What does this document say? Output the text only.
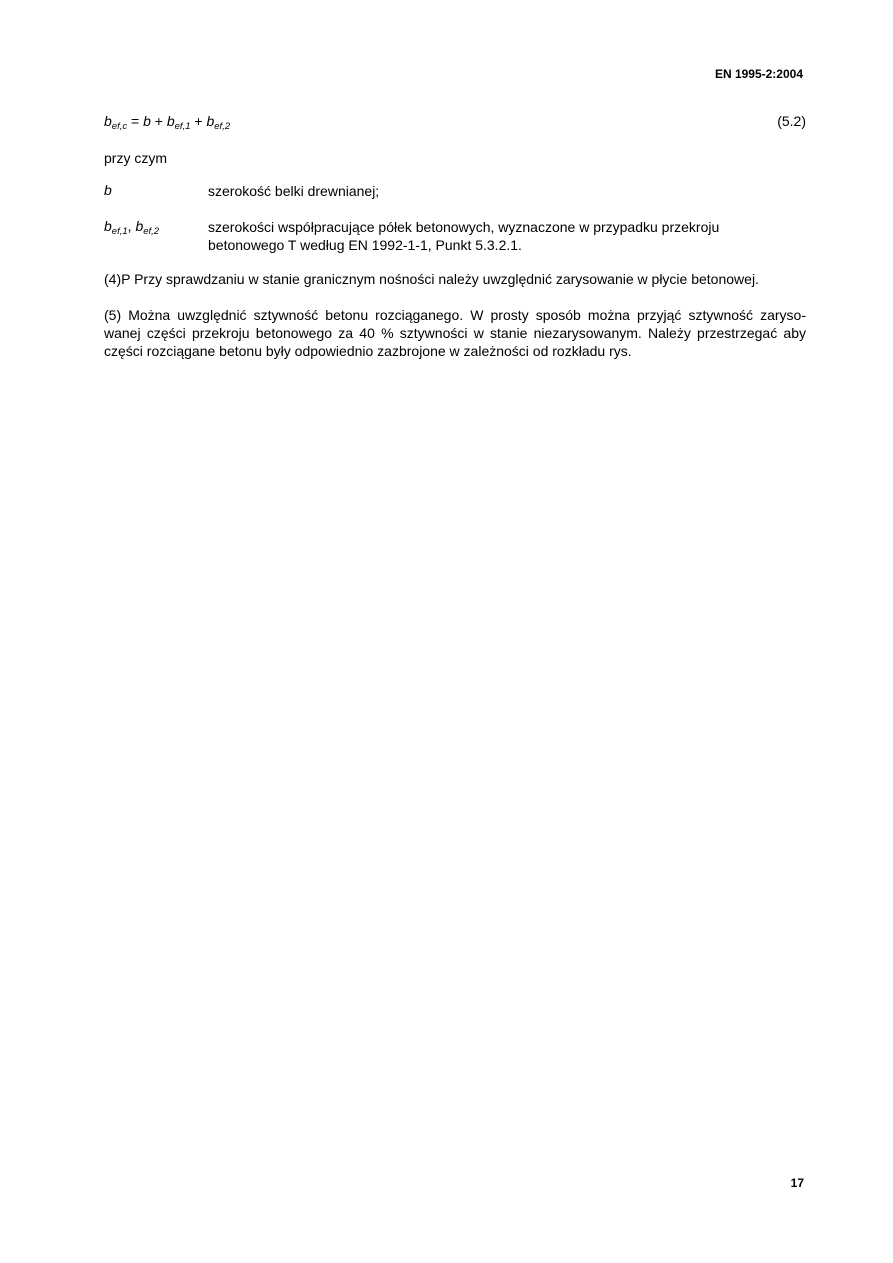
EN 1995-2:2004
$b_{ef,c} = b + b_{ef,1} + b_{ef,2}$	(5.2)
przy czym
b	szerokość belki drewnianej;
$b_{ef,1}$, $b_{ef,2}$	szerokości współpracujące półek betonowych, wyznaczone w przypadku przekroju
betonowego T według EN 1992-1-1, Punkt 5.3.2.1.
(4)P Przy sprawdzaniu w stanie granicznym nośności należy uwzględnić zarysowanie w płycie betonowej.
(5) Można uwzględnić sztywność betonu rozciąganego. W prosty sposób można przyjąć sztywność zaryso-
wanej części przekroju betonowego za 40 % sztywności w stanie niezarysowanym. Należy przestrzegać aby
części rozciągane betonu były odpowiednio zazbrojone w zależności od rozkładu rys.
17
